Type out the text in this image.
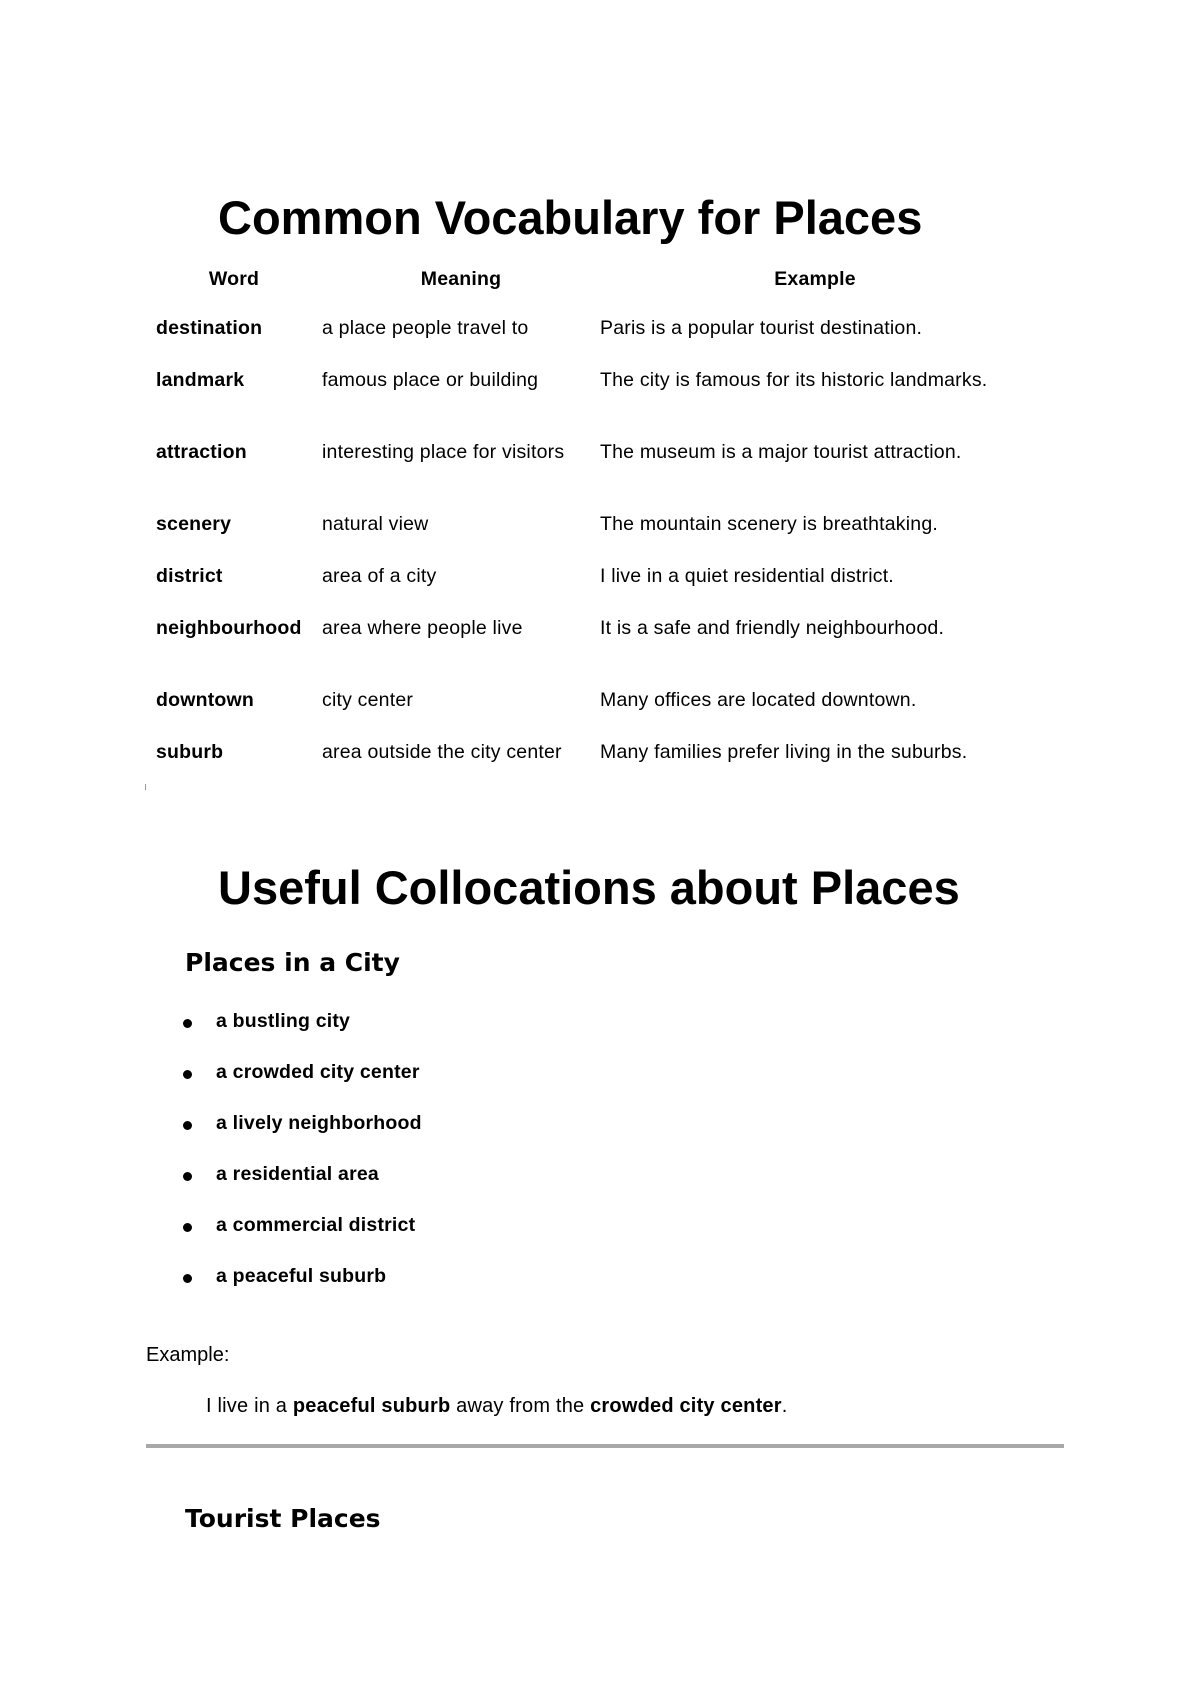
Common Vocabulary for Places
Word	Meaning	Example
destination	a place people travel to	Paris is a popular tourist destination.
landmark	famous place or building	The city is famous for its historic landmarks.
attraction	interesting place for visitors	The museum is a major tourist attraction.
scenery	natural view	The mountain scenery is breathtaking.
district	area of a city	I live in a quiet residential district.
neighbourhood	area where people live	It is a safe and friendly neighbourhood.
downtown	city center	Many offices are located downtown.
suburb	area outside the city center	Many families prefer living in the suburbs.
Useful Collocations about Places
Places in a City
a bustling city
a crowded city center
a lively neighborhood
a residential area
a commercial district
a peaceful suburb

Example:

I live in a peaceful suburb away from the crowded city center.

Tourist Places
